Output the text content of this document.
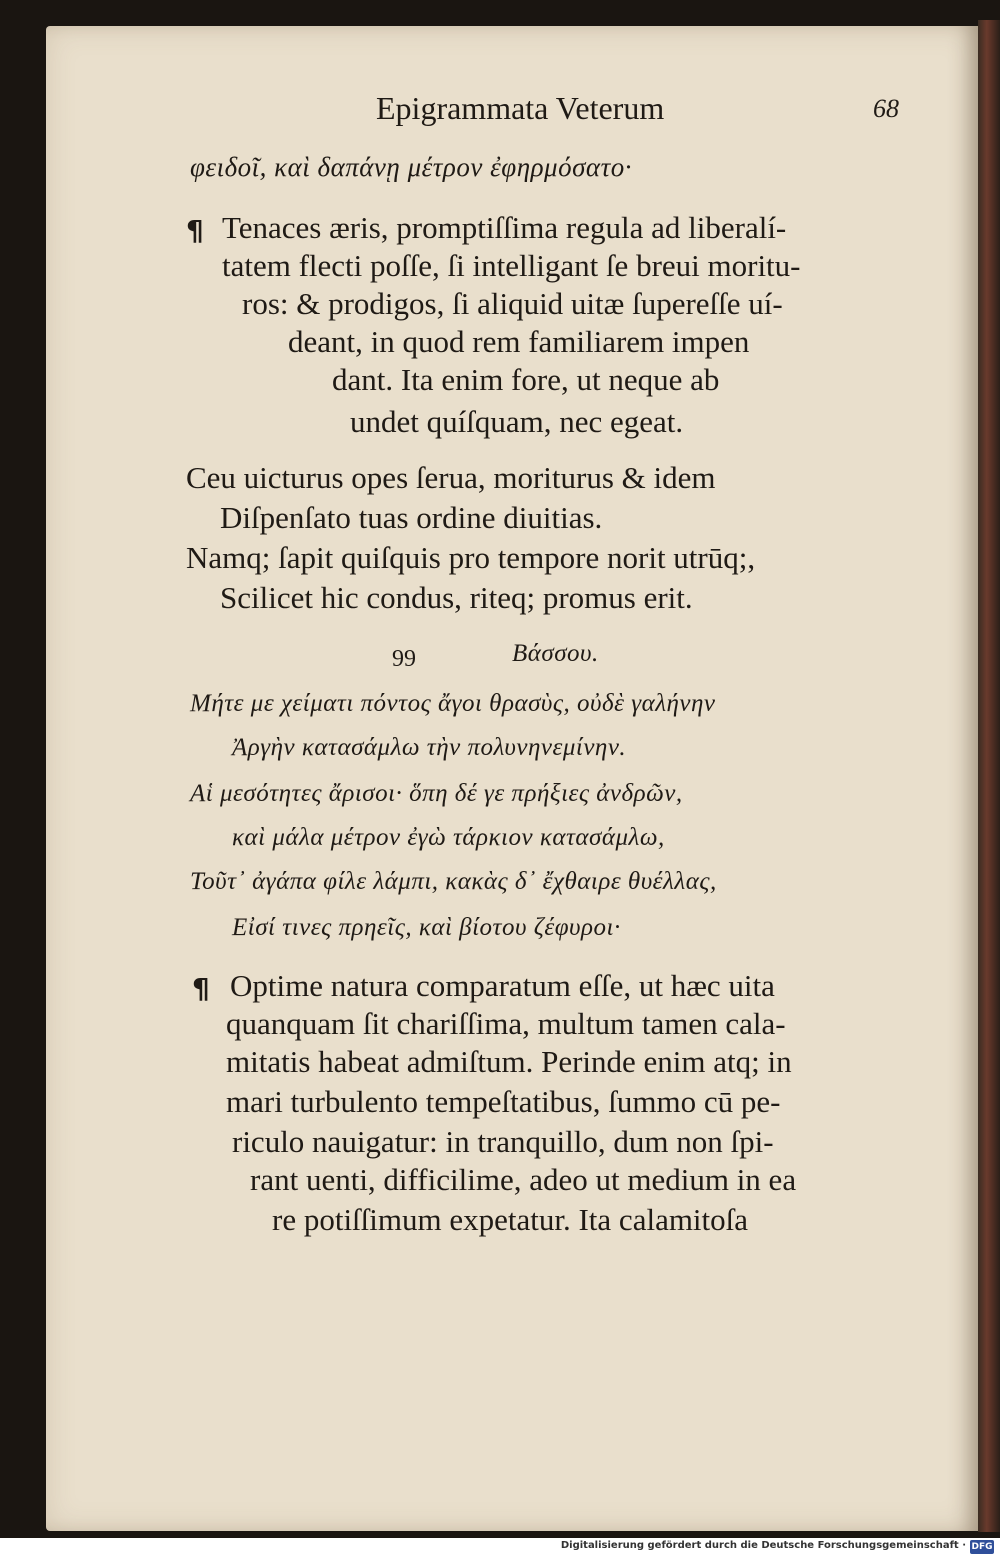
Epigrammata Veterum	68
φειδοῖ, καὶ δαπάνῃ μέτρον ἐφηρμόσατο·
¶ Tenaces æris, promptiſſima regula ad liberalí-
tatem flecti poſſe, ſi intelligant ſe breui moritu-
ros: & prodigos, ſi aliquid uitæ ſupereſſe uí-
deant, in quod rem familiarem impen
dant. Ita enim fore, ut neque ab
undet quíſquam, nec egeat.
Ceu uicturus opes ſerua, moriturus & idem
Diſpenſato tuas ordine diuitias.
Namq; ſapit quiſquis pro tempore norit utrūq;,
Scilicet hic condus, riteq; promus erit.
99	Βάσσου.
Μήτε με χείματι πόντος ἄγοι θρασὺς, οὐδὲ γαλήνην
Ἀργὴν κατασάμλω τὴν πολυνηνεμίνην.
Αἱ μεσότητες ἄρισοι· ὅπη δέ γε πρήξιες ἀνδρῶν,
καὶ μάλα μέτρον ἐγὼ τάρκιον κατασάμλω,
Τοῦτ᾽ ἀγάπα φίλε λάμπι, κακὰς δ᾽ ἔχθαιρε θυέλλας,
Εἰσί τινες πρηεῖς, καὶ βίοτου ζέφυροι·
¶ Optime natura comparatum eſſe, ut hæc uita
quanquam ſit chariſſima, multum tamen cala-
mitatis habeat admiſtum. Perinde enim atq; in
mari turbulento tempeſtatibus, ſummo cū pe-
riculo nauigatur: in tranquillo, dum non ſpi-
rant uenti, difficilime, adeo ut medium in ea
re potiſſimum expetatur. Ita calamitoſa
Digitalisierung gefördert durch die Deutsche Forschungsgemeinschaft · DFG
